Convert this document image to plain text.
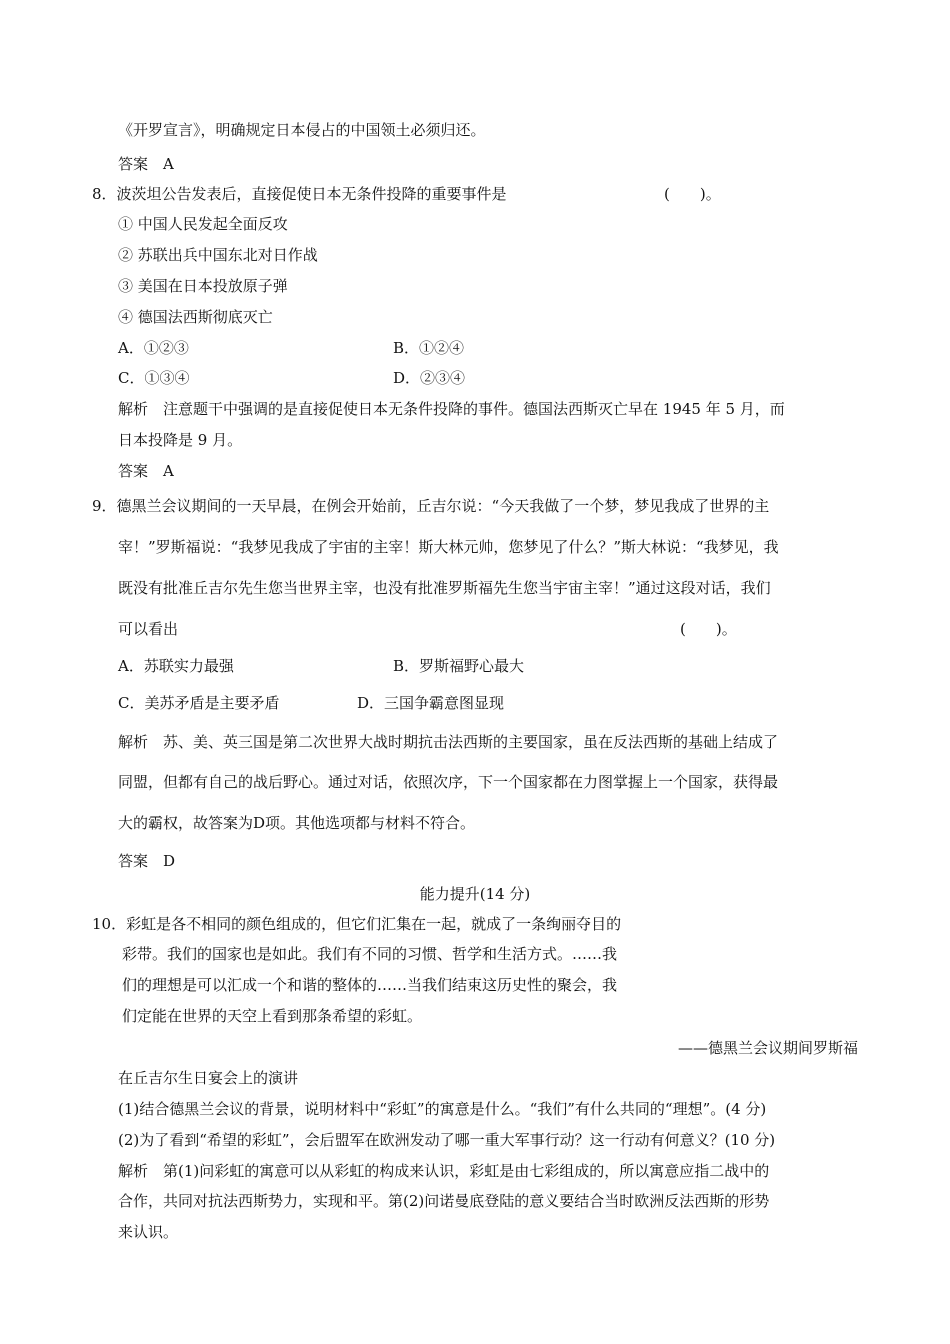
《开罗宣言》，明确规定日本侵占的中国领土必须归还。
答案　A
8．波茨坦公告发表后，直接促使日本无条件投降的重要事件是	(　　)。
① 中国人民发起全面反攻
② 苏联出兵中国东北对日作战
③ 美国在日本投放原子弹
④ 德国法西斯彻底灭亡
A．①②③	B．①②④
C．①③④	D．②③④
解析　注意题干中强调的是直接促使日本无条件投降的事件。德国法西斯灭亡早在 1945 年 5 月，而
日本投降是 9 月。
答案　A
9．德黑兰会议期间的一天早晨，在例会开始前，丘吉尔说：“今天我做了一个梦，梦见我成了世界的主
宰！”罗斯福说：“我梦见我成了宇宙的主宰！斯大林元帅，您梦见了什么？”斯大林说：“我梦见，我
既没有批准丘吉尔先生您当世界主宰，也没有批准罗斯福先生您当宇宙主宰！”通过这段对话，我们
可以看出	(　　)。
A．苏联实力最强	B．罗斯福野心最大
C．美苏矛盾是主要矛盾	D．三国争霸意图显现
解析　苏、美、英三国是第二次世界大战时期抗击法西斯的主要国家，虽在反法西斯的基础上结成了
同盟，但都有自己的战后野心。通过对话，依照次序，下一个国家都在力图掌握上一个国家，获得最
大的霸权，故答案为D项。其他选项都与材料不符合。
答案　D
能力提升(14 分)
10．彩虹是各不相同的颜色组成的，但它们汇集在一起，就成了一条绚丽夺目的
彩带。我们的国家也是如此。我们有不同的习惯、哲学和生活方式。……我
们的理想是可以汇成一个和谐的整体的……当我们结束这历史性的聚会，我
们定能在世界的天空上看到那条希望的彩虹。
——德黑兰会议期间罗斯福
在丘吉尔生日宴会上的演讲
(1)结合德黑兰会议的背景，说明材料中“彩虹”的寓意是什么。“我们”有什么共同的“理想”。(4 分)
(2)为了看到“希望的彩虹”，会后盟军在欧洲发动了哪一重大军事行动？这一行动有何意义？(10 分)
解析　第(1)问彩虹的寓意可以从彩虹的构成来认识，彩虹是由七彩组成的，所以寓意应指二战中的
合作，共同对抗法西斯势力，实现和平。第(2)问诺曼底登陆的意义要结合当时欧洲反法西斯的形势
来认识。
